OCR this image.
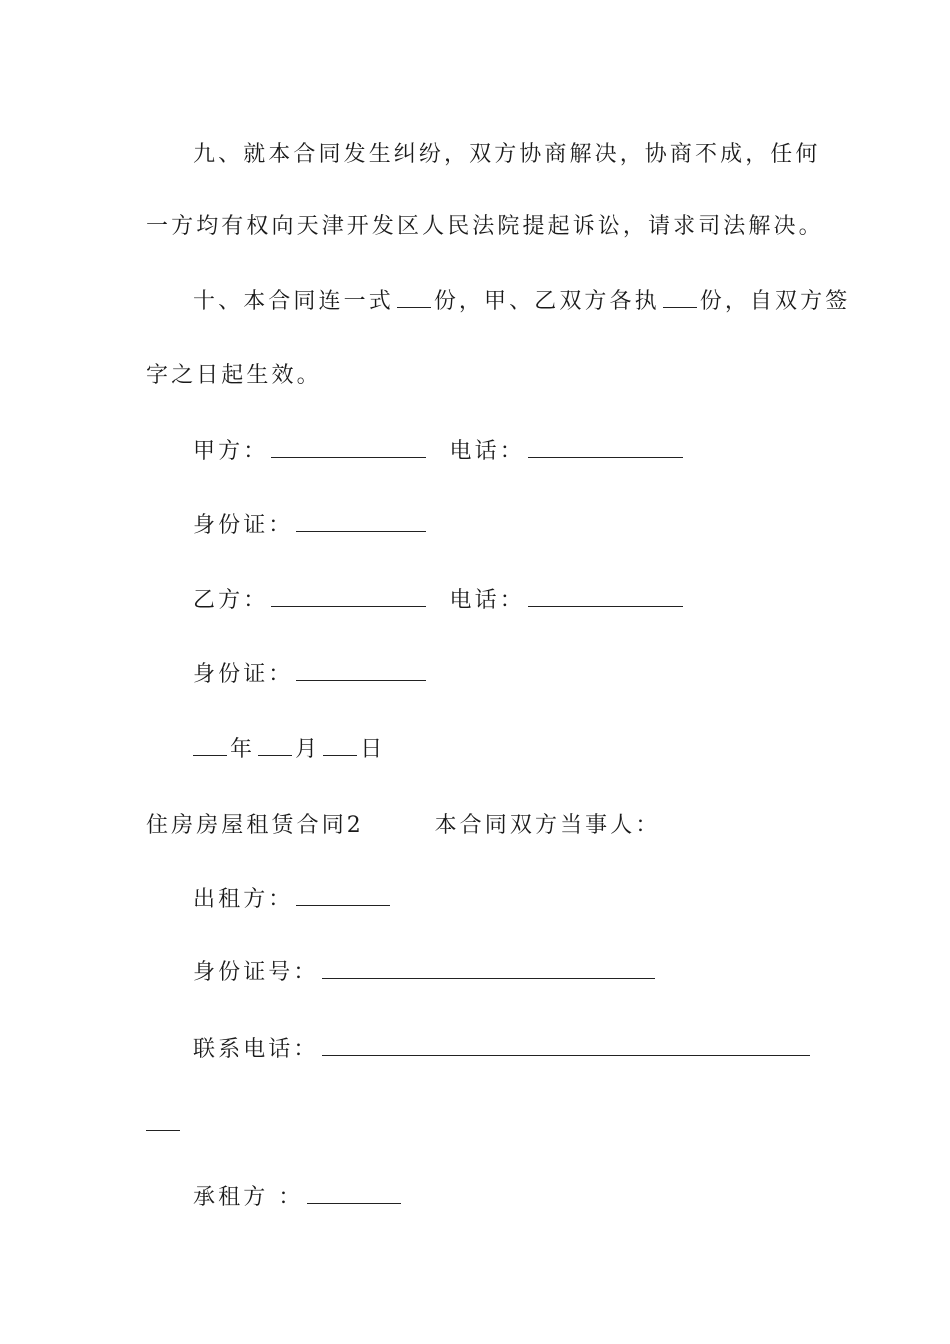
九、就本合同发生纠纷，双方协商解决，协商不成，任何
一方均有权向天津开发区人民法院提起诉讼，请求司法解决。
十、本合同连一式 份，甲、乙双方各执 份，自双方签
字之日起生效。
甲方：	电话：
身份证：
乙方：	电话：
身份证：
年 月 日
住房房屋租赁合同2	本合同双方当事人：
出租方：
身份证号：
联系电话：
承租方 ：
